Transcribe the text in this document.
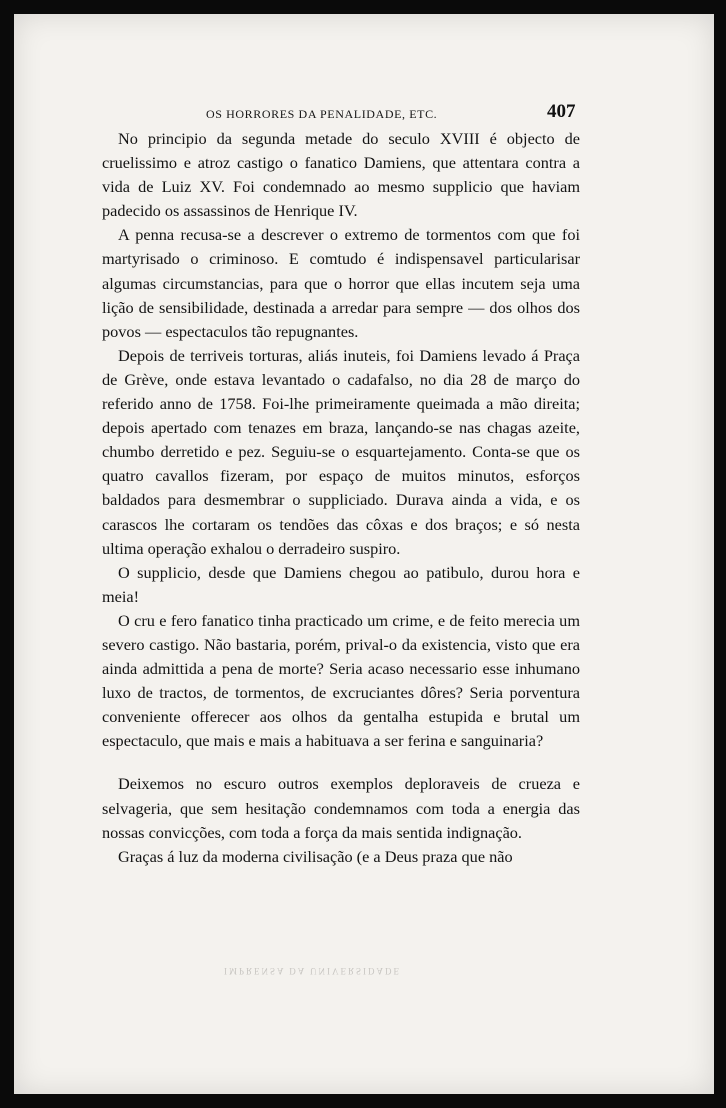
OS HORRORES DA PENALIDADE, ETC.	407

No principio da segunda metade do seculo XVIII é objecto de cruelissimo e atroz castigo o fanatico Damiens, que attentara contra a vida de Luiz XV. Foi condemnado ao mesmo supplicio que haviam padecido os assassinos de Henrique IV.

A penna recusa-se a descrever o extremo de tormentos com que foi martyrisado o criminoso. E comtudo é indispensavel particularisar algumas circumstancias, para que o horror que ellas incutem seja uma lição de sensibilidade, destinada a arredar para sempre — dos olhos dos povos — espectaculos tão repugnantes.

Depois de terriveis torturas, aliás inuteis, foi Damiens levado á Praça de Grève, onde estava levantado o cadafalso, no dia 28 de março do referido anno de 1758. Foi-lhe primeiramente queimada a mão direita; depois apertado com tenazes em braza, lançando-se nas chagas azeite, chumbo derretido e pez. Seguiu-se o esquartejamento. Conta-se que os quatro cavallos fizeram, por espaço de muitos minutos, esforços baldados para desmembrar o suppliciado. Durava ainda a vida, e os carascos lhe cortaram os tendões das côxas e dos braços; e só nesta ultima operação exhalou o derradeiro suspiro.

O supplicio, desde que Damiens chegou ao patibulo, durou hora e meia!

O cru e fero fanatico tinha practicado um crime, e de feito merecia um severo castigo. Não bastaria, porém, prival-o da existencia, visto que era ainda admittida a pena de morte? Seria acaso necessario esse inhumano luxo de tractos, de tormentos, de excruciantes dôres? Seria porventura conveniente offerecer aos olhos da gentalha estupida e brutal um espectaculo, que mais e mais a habituava a ser ferina e sanguinaria?

Deixemos no escuro outros exemplos deploraveis de crueza e selvageria, que sem hesitação condemnamos com toda a energia das nossas convicções, com toda a força da mais sentida indignação.

Graças á luz da moderna civilisação (e a Deus praza que não

IMPRENSA DA UNIVERSIDADE
